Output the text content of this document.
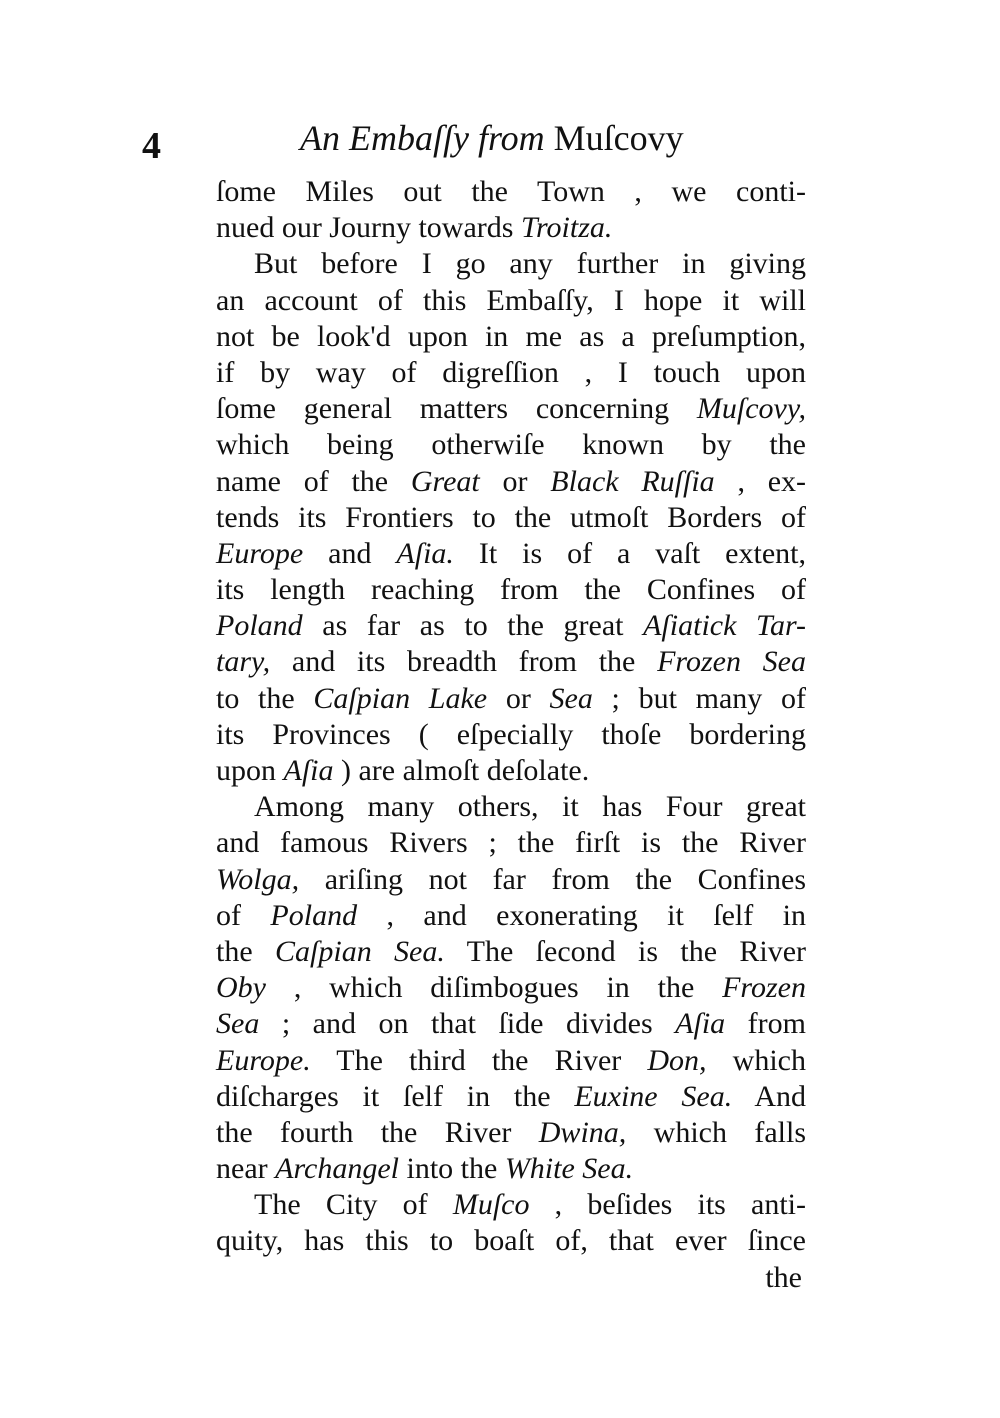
4	An Embaſſy from Muſcovy
ſome Miles out the Town , we conti-
nued our Journy towards Troitza.
But before I go any further in giving
an account of this Embaſſy, I hope it will
not be look'd upon in me as a preſumption,
if by way of digreſſion , I touch upon
ſome general matters concerning Muſcovy,
which being otherwiſe known by the
name of the Great or Black Ruſſia , ex-
tends its Frontiers to the utmoſt Borders of
Europe and Aſia. It is of a vaſt extent,
its length reaching from the Confines of
Poland as far as to the great Aſiatick Tar-
tary, and its breadth from the Frozen Sea
to the Caſpian Lake or Sea ; but many of
its Provinces ( eſpecially thoſe bordering
upon Aſia ) are almoſt deſolate.
Among many others, it has Four great
and famous Rivers ; the firſt is the River
Wolga, ariſing not far from the Confines
of Poland , and exonerating it ſelf in
the Caſpian Sea. The ſecond is the River
Oby , which diſimbogues in the Frozen
Sea ; and on that ſide divides Aſia from
Europe. The third the River Don, which
diſcharges it ſelf in the Euxine Sea. And
the fourth the River Dwina, which falls
near Archangel into the White Sea.
The City of Muſco , beſides its anti-
quity, has this to boaſt of, that ever ſince
the
